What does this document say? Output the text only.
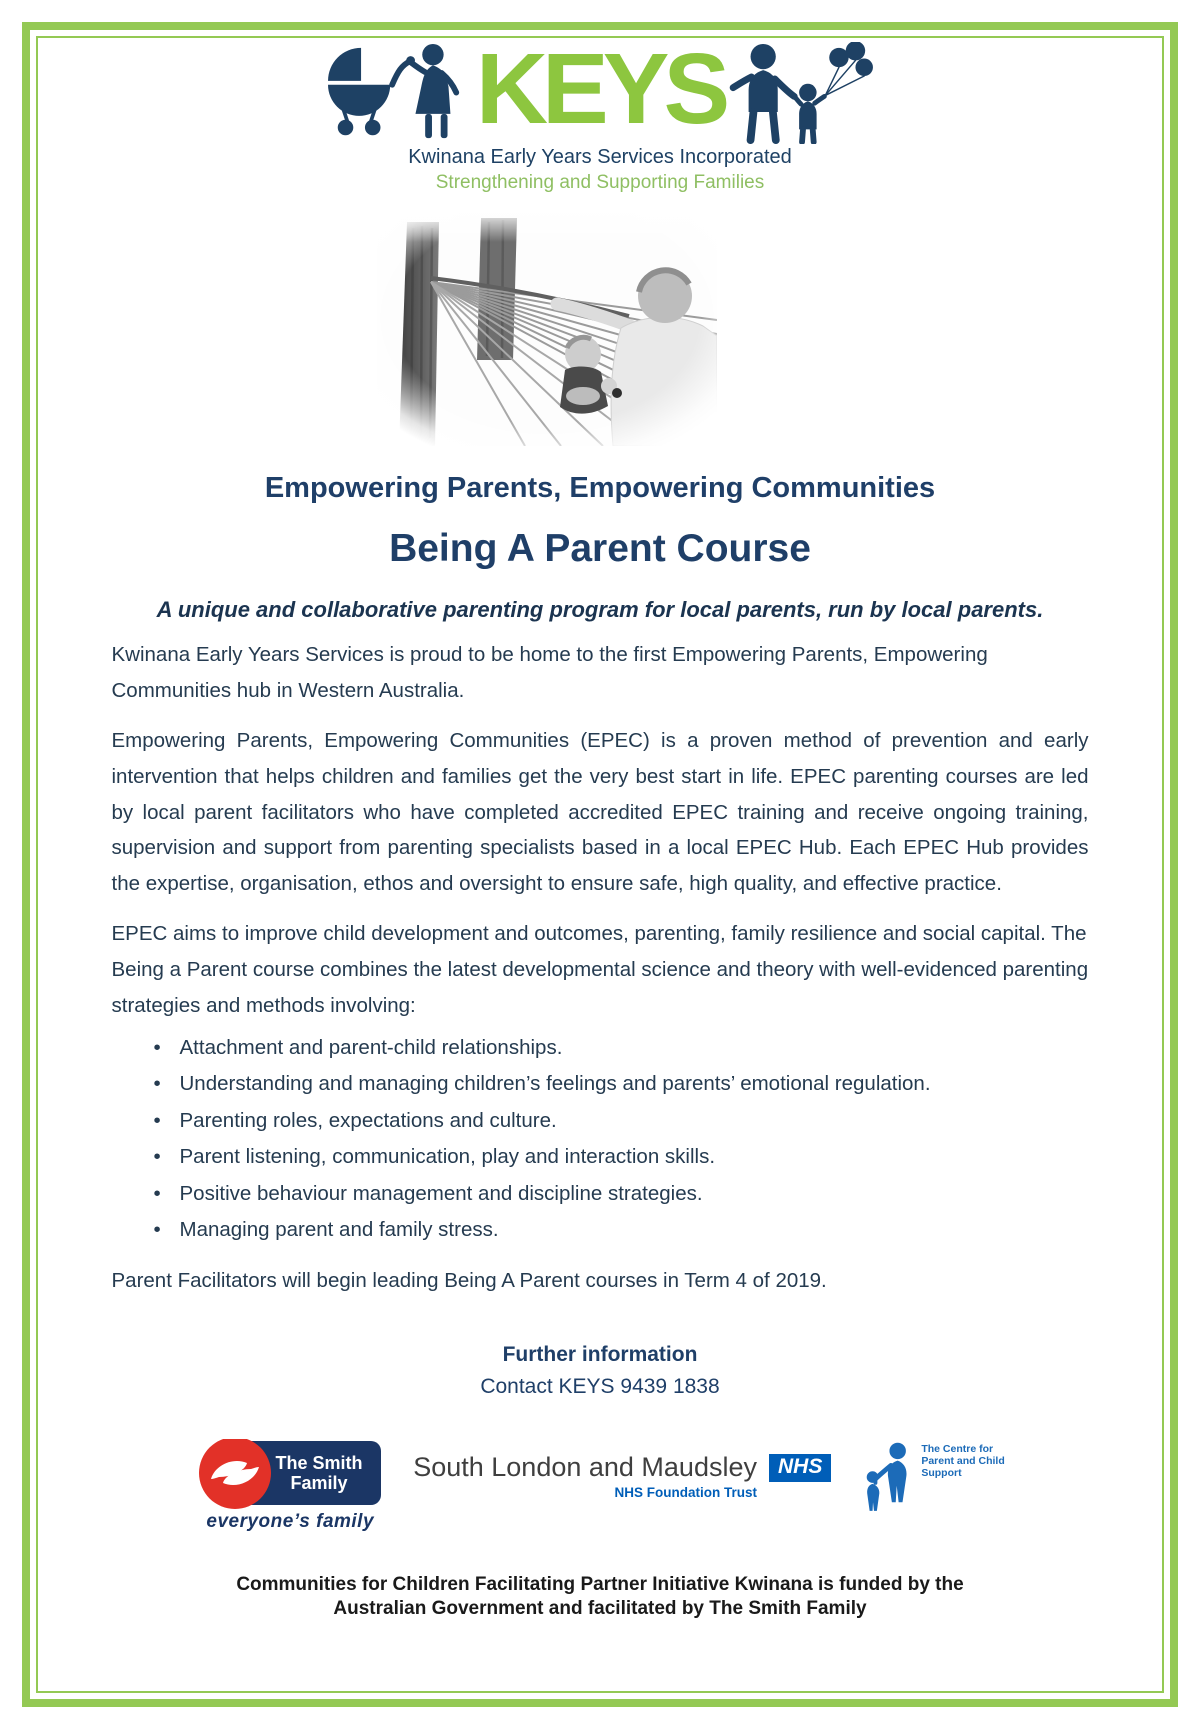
KEYS
Kwinana Early Years Services Incorporated
Strengthening and Supporting Families
Empowering Parents, Empowering Communities
Being A Parent Course

A unique and collaborative parenting program for local parents, run by local parents.

Kwinana Early Years Services is proud to be home to the first Empowering Parents, Empowering Communities hub in Western Australia.

Empowering Parents, Empowering Communities (EPEC) is a proven method of prevention and early intervention that helps children and families get the very best start in life. EPEC parenting courses are led by local parent facilitators who have completed accredited EPEC training and receive ongoing training, supervision and support from parenting specialists based in a local EPEC Hub. Each EPEC Hub provides the expertise, organisation, ethos and oversight to ensure safe, high quality, and effective practice.

EPEC aims to improve child development and outcomes, parenting, family resilience and social capital. The Being a Parent course combines the latest developmental science and theory with well-evidenced parenting strategies and methods involving:

• Attachment and parent-child relationships.
• Understanding and managing children’s feelings and parents’ emotional regulation.
• Parenting roles, expectations and culture.
• Parent listening, communication, play and interaction skills.
• Positive behaviour management and discipline strategies.
• Managing parent and family stress.

Parent Facilitators will begin leading Being A Parent courses in Term 4 of 2019.

Further information
Contact KEYS 9439 1838
The Smith
Family
everyone’s family
South London and Maudsley
NHS Foundation Trust
NHS
The Centre for
Parent and Child
Support
Communities for Children Facilitating Partner Initiative Kwinana is funded by the Australian Government and facilitated by The Smith Family
